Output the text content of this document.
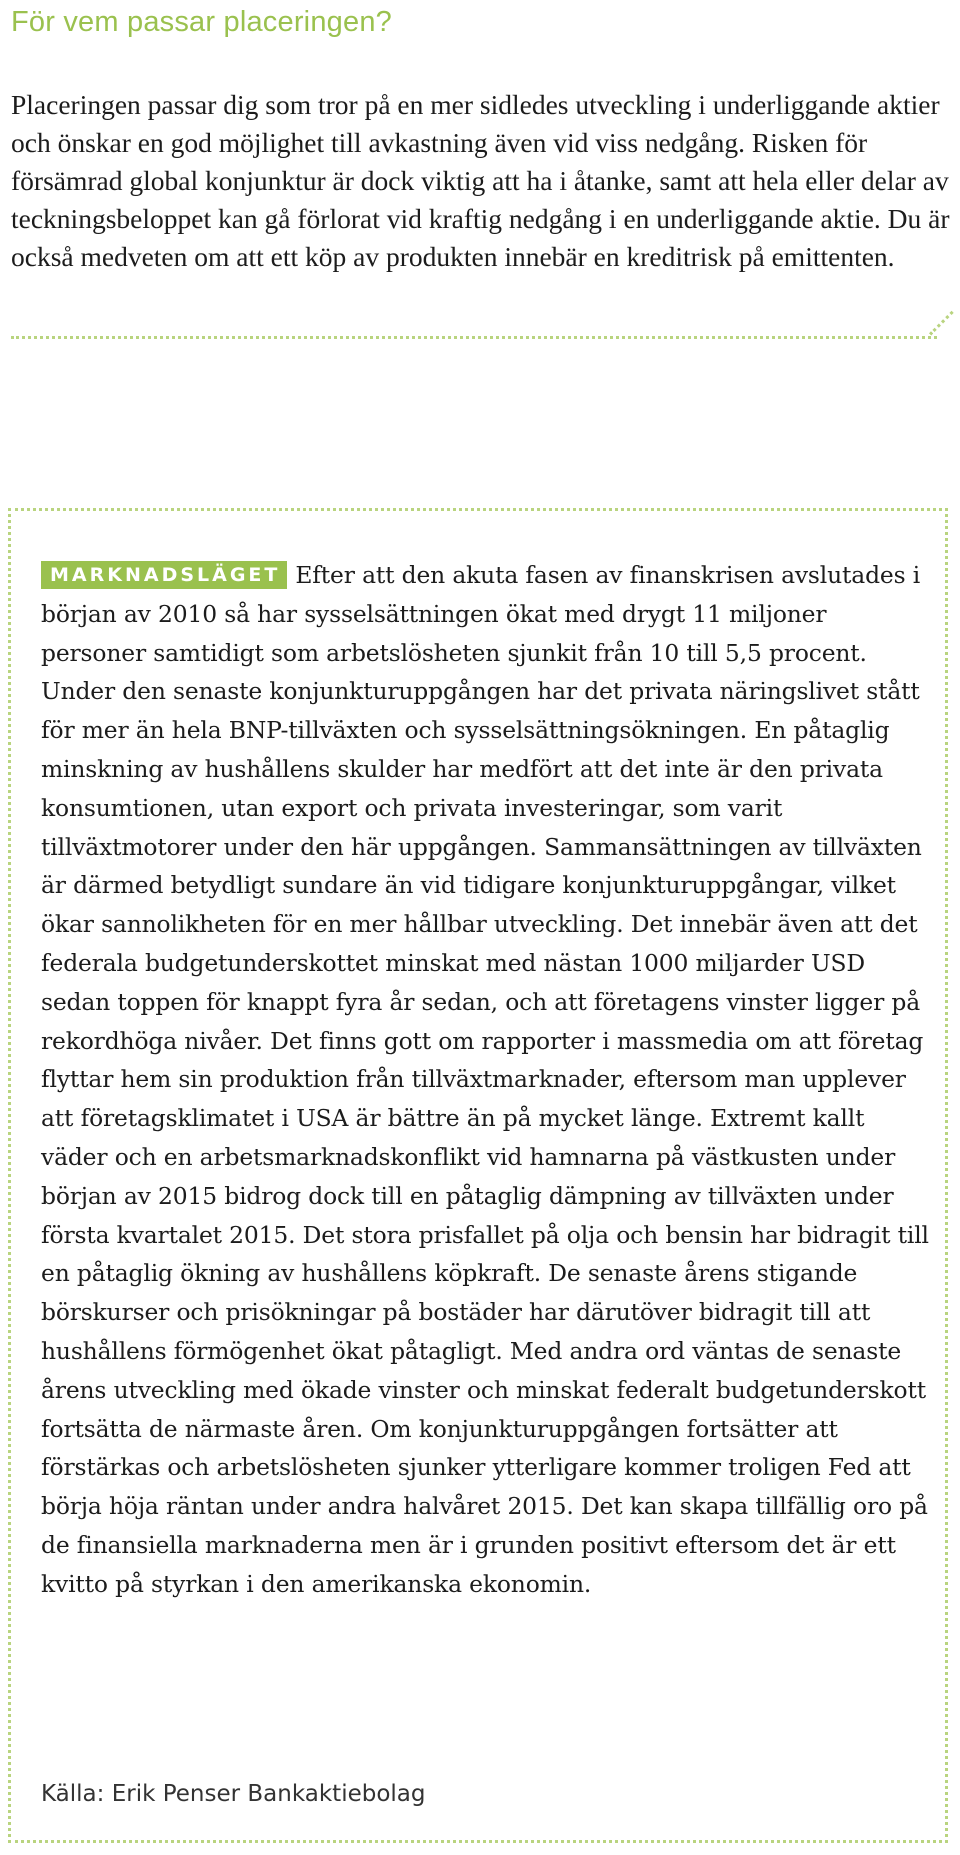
För vem passar placeringen?

Placeringen passar dig som tror på en mer sidledes utveckling i underliggande aktier och önskar en god möjlighet till avkastning även vid viss nedgång. Risken för försämrad global konjunktur är dock viktig att ha i åtanke, samt att hela eller delar av teckningsbeloppet kan gå förlorat vid kraftig nedgång i en underliggande aktie. Du är också medveten om att ett köp av produkten innebär en kreditrisk på emittenten.

MARKNADSLÄGET Efter att den akuta fasen av finanskrisen avslutades i början av 2010 så har sysselsättningen ökat med drygt 11 miljoner personer samtidigt som arbetslösheten sjunkit från 10 till 5,5 procent. Under den senaste konjunkturuppgången har det privata näringslivet stått för mer än hela BNP-tillväxten och sysselsättningsökningen. En påtaglig minskning av hushållens skulder har medfört att det inte är den privata konsumtionen, utan export och privata investeringar, som varit tillväxtmotorer under den här uppgången. Sammansättningen av tillväxten är därmed betydligt sundare än vid tidigare konjunkturuppgångar, vilket ökar sannolikheten för en mer hållbar utveckling. Det innebär även att det federala budgetunderskottet minskat med nästan 1000 miljarder USD sedan toppen för knappt fyra år sedan, och att företagens vinster ligger på rekordhöga nivåer. Det finns gott om rapporter i massmedia om att företag flyttar hem sin produktion från tillväxtmarknader, eftersom man upplever att företagsklimatet i USA är bättre än på mycket länge. Extremt kallt väder och en arbetsmarknadskonflikt vid hamnarna på västkusten under början av 2015 bidrog dock till en påtaglig dämpning av tillväxten under första kvartalet 2015. Det stora prisfallet på olja och bensin har bidragit till en påtaglig ökning av hushållens köpkraft. De senaste årens stigande börskurser och prisökningar på bostäder har därutöver bidragit till att hushållens förmögenhet ökat påtagligt. Med andra ord väntas de senaste årens utveckling med ökade vinster och minskat federalt budgetunderskott fortsätta de närmaste åren. Om konjunkturuppgången fortsätter att förstärkas och arbetslösheten sjunker ytterligare kommer troligen Fed att börja höja räntan under andra halvåret 2015. Det kan skapa tillfällig oro på de finansiella marknaderna men är i grunden positivt eftersom det är ett kvitto på styrkan i den amerikanska ekonomin.

Källa: Erik Penser Bankaktiebolag
